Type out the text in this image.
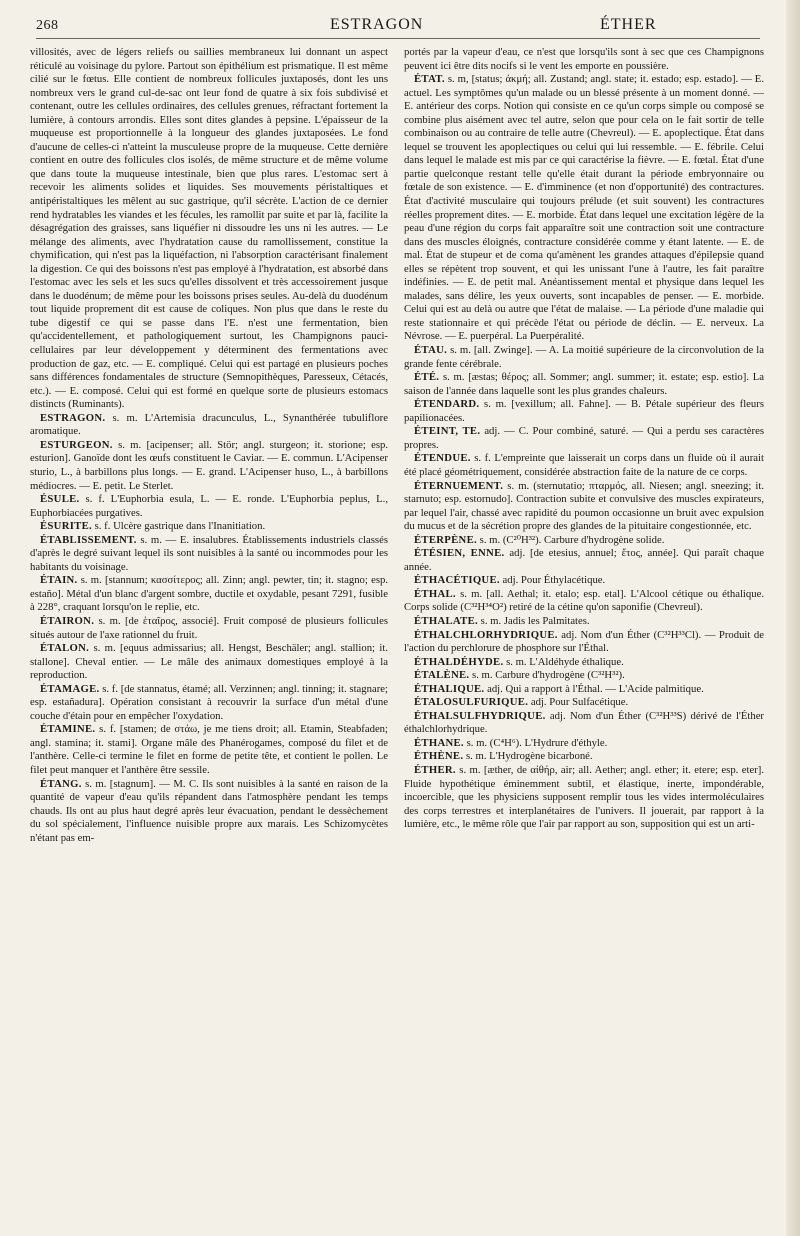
268	ESTRAGON	ÉTHER

villosités, avec de légers reliefs ou saillies membraneux lui donnant un aspect réticulé au voisinage du pylore. Partout son épithélium est prismatique. Il est même cilié sur le fœtus. Elle contient de nombreux follicules juxtaposés, dont les uns nombreux vers le grand cul-de-sac ont leur fond de quatre à six fois subdivisé et contenant, outre les cellules ordinaires, des cellules grenues, réfractant fortement la lumière, à contours arrondis. Elles sont dites glandes à pepsine. L'épaisseur de la muqueuse est proportionnelle à la longueur des glandes juxtaposées. Le fond d'aucune de celles-ci n'atteint la musculeuse propre de la muqueuse. Cette dernière contient en outre des follicules clos isolés, de même structure et de même volume que dans toute la muqueuse intestinale, bien que plus rares. L'estomac sert à recevoir les aliments solides et liquides. Ses mouvements péristaltiques et antipéristaltiques les mêlent au suc gastrique, qu'il sécrète. L'action de ce dernier rend hydratables les viandes et les fécules, les ramollit par suite et par là, facilite la désagrégation des graisses, sans liquéfier ni dissoudre les uns ni les autres. — Le mélange des aliments, avec l'hydratation cause du ramollissement, constitue la chymification, qui n'est pas la liquéfaction, ni l'absorption caractérisant finalement la digestion. Ce qui des boissons n'est pas employé à l'hydratation, est absorbé dans l'estomac avec les sels et les sucs qu'elles dissolvent et très accessoirement jusque dans le duodénum; de même pour les boissons prises seules. Au-delà du duodénum tout liquide proprement dit est cause de coliques. Non plus que dans le reste du tube digestif ce qui se passe dans l'E. n'est une fermentation, bien qu'accidentellement, et pathologiquement surtout, les Champignons pauci-cellulaires par leur développement y déterminent des fermentations avec production de gaz, etc. — E. compliqué. Celui qui est partagé en plusieurs poches sans différences fondamentales de structure (Semnopithèques, Paresseux, Cétacés, etc.). — E. composé. Celui qui est formé en quelque sorte de plusieurs estomacs distincts (Ruminants).

ESTRAGON. s. m. L'Artemisia dracunculus, L., Synanthérée tubuliflore aromatique.

ESTURGEON. s. m. [acipenser; all. Stör; angl. sturgeon; it. storione; esp. esturion]. Ganoïde dont les œufs constituent le Caviar. — E. commun. L'Acipenser sturio, L., à barbillons plus longs. — E. grand. L'Acipenser huso, L., à barbillons médiocres. — E. petit. Le Sterlet.

ÉSULE. s. f. L'Euphorbia esula, L. — E. ronde. L'Euphorbia peplus, L., Euphorbiacées purgatives.

ÉSURITE. s. f. Ulcère gastrique dans l'Inanitiation.

ÉTABLISSEMENT. s. m. — E. insalubres. Établissements industriels classés d'après le degré suivant lequel ils sont nuisibles à la santé ou incommodes pour les habitants du voisinage.

ÉTAIN. s. m. [stannum; κασσίτερος; all. Zinn; angl. pewter, tin; it. stagno; esp. estaño]. Métal d'un blanc d'argent sombre, ductile et oxydable, pesant 7291, fusible à 228°, craquant lorsqu'on le replie, etc.

ÉTAIRON. s. m. [de ἑταῖρος, associé]. Fruit composé de plusieurs follicules situés autour de l'axe rationnel du fruit.

ÉTALON. s. m. [equus admissarius; all. Hengst, Beschäler; angl. stallion; it. stallone]. Cheval entier. — Le mâle des animaux domestiques employé à la reproduction.

ÉTAMAGE. s. f. [de stannatus, étamé; all. Verzinnen; angl. tinning; it. stagnare; esp. estañadura]. Opération consistant à recouvrir la surface d'un métal d'une couche d'étain pour en empêcher l'oxydation.

ÉTAMINE. s. f. [stamen; de στάω, je me tiens droit; all. Etamin, Steabfaden; angl. stamina; it. stami]. Organe mâle des Phanérogames, composé du filet et de l'anthère. Celle-ci termine le filet en forme de petite tête, et contient le pollen. Le filet peut manquer et l'anthère être sessile.

ÉTANG. s. m. [stagnum]. — M. C. Ils sont nuisibles à la santé en raison de la quantité de vapeur d'eau qu'ils répandent dans l'atmosphère pendant les temps chauds. Ils ont au plus haut degré après leur évacuation, pendant le dessèchement du sol spécialement, l'influence nuisible propre aux marais. Les Schizomycètes n'étant pas em-

portés par la vapeur d'eau, ce n'est que lorsqu'ils sont à sec que ces Champignons peuvent ici être dits nocifs si le vent les emporte en poussière.

ÉTAT. s. m, [status; ἀκμή; all. Zustand; angl. state; it. estado; esp. estado]. — E. actuel. Les symptômes qu'un malade ou un blessé présente à un moment donné. — E. antérieur des corps. Notion qui consiste en ce qu'un corps simple ou composé se combine plus aisément avec tel autre, selon que pour cela on le fait sortir de telle combinaison ou au contraire de telle autre (Chevreul). — E. apoplectique. État dans lequel se trouvent les apoplectiques ou celui qui lui ressemble. — E. fébrile. Celui dans lequel le malade est mis par ce qui caractérise la fièvre. — E. fœtal. État d'une partie quelconque restant telle qu'elle était durant la période embryonnaire ou fœtale de son existence. — E. d'imminence (et non d'opportunité) des contractures. État d'activité musculaire qui toujours prélude (et suit souvent) les contractures réelles proprement dites. — E. morbide. État dans lequel une excitation légère de la peau d'une région du corps fait apparaître soit une contraction soit une contracture dans des muscles éloignés, contracture considérée comme y étant latente. — E. de mal. État de stupeur et de coma qu'amènent les grandes attaques d'épilepsie quand elles se répètent trop souvent, et qui les unissant l'une à l'autre, les fait paraître indéfinies. — E. de petit mal. Anéantissement mental et physique dans lequel les malades, sans délire, les yeux ouverts, sont incapables de penser. — E. morbide. Celui qui est au delà ou autre que l'état de malaise. — La période d'une maladie qui reste stationnaire et qui précède l'état ou période de déclin. — E. nerveux. La Névrose. — E. puerpéral. La Puerpéralité.

ÉTAU. s. m. [all. Zwinge]. — A. La moitié supérieure de la circonvolution de la grande fente cérébrale.

ÉTÉ. s. m. [æstas; θέρος; all. Sommer; angl. summer; it. estate; esp. estio]. La saison de l'année dans laquelle sont les plus grandes chaleurs.

ÉTENDARD. s. m. [vexillum; all. Fahne]. — B. Pétale supérieur des fleurs papilionacées.

ÉTEINT, TE. adj. — C. Pour combiné, saturé. — Qui a perdu ses caractères propres.

ÉTENDUE. s. f. L'empreinte que laisserait un corps dans un fluide où il aurait été placé géométriquement, considérée abstraction faite de la nature de ce corps.

ÉTERNUEMENT. s. m. (sternutatio; πταρμός, all. Niesen; angl. sneezing; it. starnuto; esp. estornudo]. Contraction subite et convulsive des muscles expirateurs, par lequel l'air, chassé avec rapidité du poumon occasionne un bruit avec expulsion du mucus et de la sécrétion propre des glandes de la pituitaire congestionnée, etc.

ÉTERPÈNE. s. m. (C²⁰H³²). Carbure d'hydrogène solide.

ÉTÉSIEN, ENNE. adj. [de etesius, annuel; ἔτος, année]. Qui paraît chaque année.

ÉTHACÉTIQUE. adj. Pour Éthylacétique.

ÉTHAL. s. m. [all. Aethal; it. etalo; esp. etal]. L'Alcool cétique ou éthalique. Corps solide (C³²H³⁴O²) retiré de la cétine qu'on saponifie (Chevreul).

ÉTHALATE. s. m. Jadis les Palmitates.

ÉTHALCHLORHYDRIQUE. adj. Nom d'un Éther (C³²H³³Cl). — Produit de l'action du perchlorure de phosphore sur l'Éthal.

ÉTHALDÉHYDE. s. m. L'Aldéhyde éthalique.

ÉTALÈNE. s. m. Carbure d'hydrogène (C³²H³²).

ÉTHALIQUE. adj. Qui a rapport à l'Éthal. — L'Acide palmitique.

ÉTALOSULFURIQUE. adj. Pour Sulfacétique.

ÉTHALSULFHYDRIQUE. adj. Nom d'un Éther (C³²H³³S) dérivé de l'Éther éthalchlorhydrique.

ÉTHANE. s. m. (C⁴H⁶). L'Hydrure d'éthyle.

ÉTHÈNE. s. m. L'Hydrogène bicarboné.

ÉTHER. s. m. [æther, de αἰθήρ, air; all. Aether; angl. ether; it. etere; esp. eter]. Fluide hypothétique éminemment subtil, et élastique, inerte, impondérable, incoercible, que les physiciens supposent remplir tous les vides intermoléculaires des corps terrestres et interplanétaires de l'univers. Il jouerait, par rapport à la lumière, etc., le même rôle que l'air par rapport au son, supposition qui est un arti-
